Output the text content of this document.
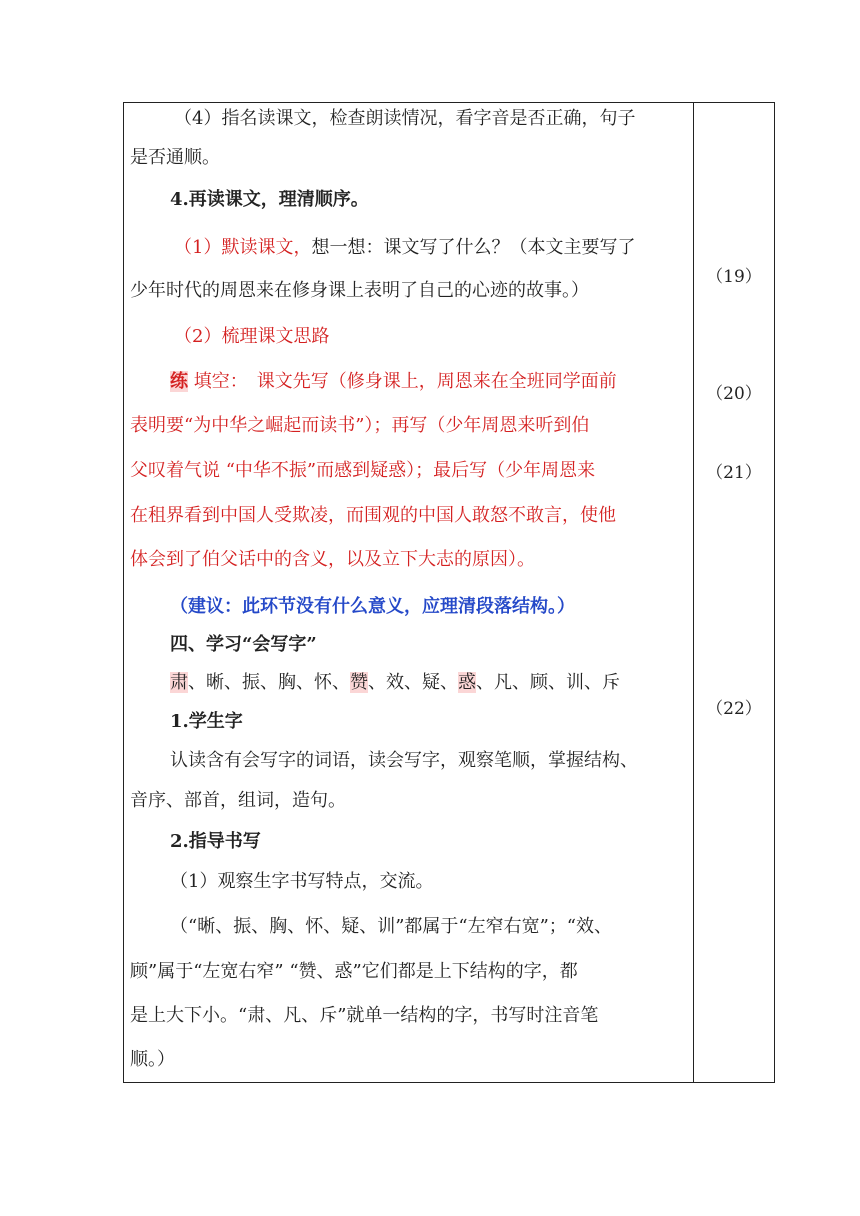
（4）指名读课文，检查朗读情况，看字音是否正确，句子
是否通顺。
4.再读课文，理清顺序。
（1）默读课文，想一想：课文写了什么？（本文主要写了
少年时代的周恩来在修身课上表明了自己的心迹的故事。）
（2）梳理课文思路
练 填空：　课文先写（修身课上，周恩来在全班同学面前
表明要“为中华之崛起而读书”）；再写（少年周恩来听到伯
父叹着气说 “中华不振”而感到疑惑）；最后写（少年周恩来
在租界看到中国人受欺凌，而围观的中国人敢怒不敢言，使他
体会到了伯父话中的含义，以及立下大志的原因）。
（建议：此环节没有什么意义，应理清段落结构。）
四、学习“会写字”
肃、晰、振、胸、怀、赞、效、疑、惑、凡、顾、训、斥
1.学生字
认读含有会写字的词语，读会写字，观察笔顺，掌握结构、
音序、部首，组词，造句。
2.指导书写
（1）观察生字书写特点，交流。
（“晰、振、胸、怀、疑、训”都属于“左窄右宽”；“效、
顾”属于“左宽右窄” “赞、惑”它们都是上下结构的字，都
是上大下小。“肃、凡、斥”就单一结构的字，书写时注音笔
顺。）
（19）
（20）
（21）
（22）
